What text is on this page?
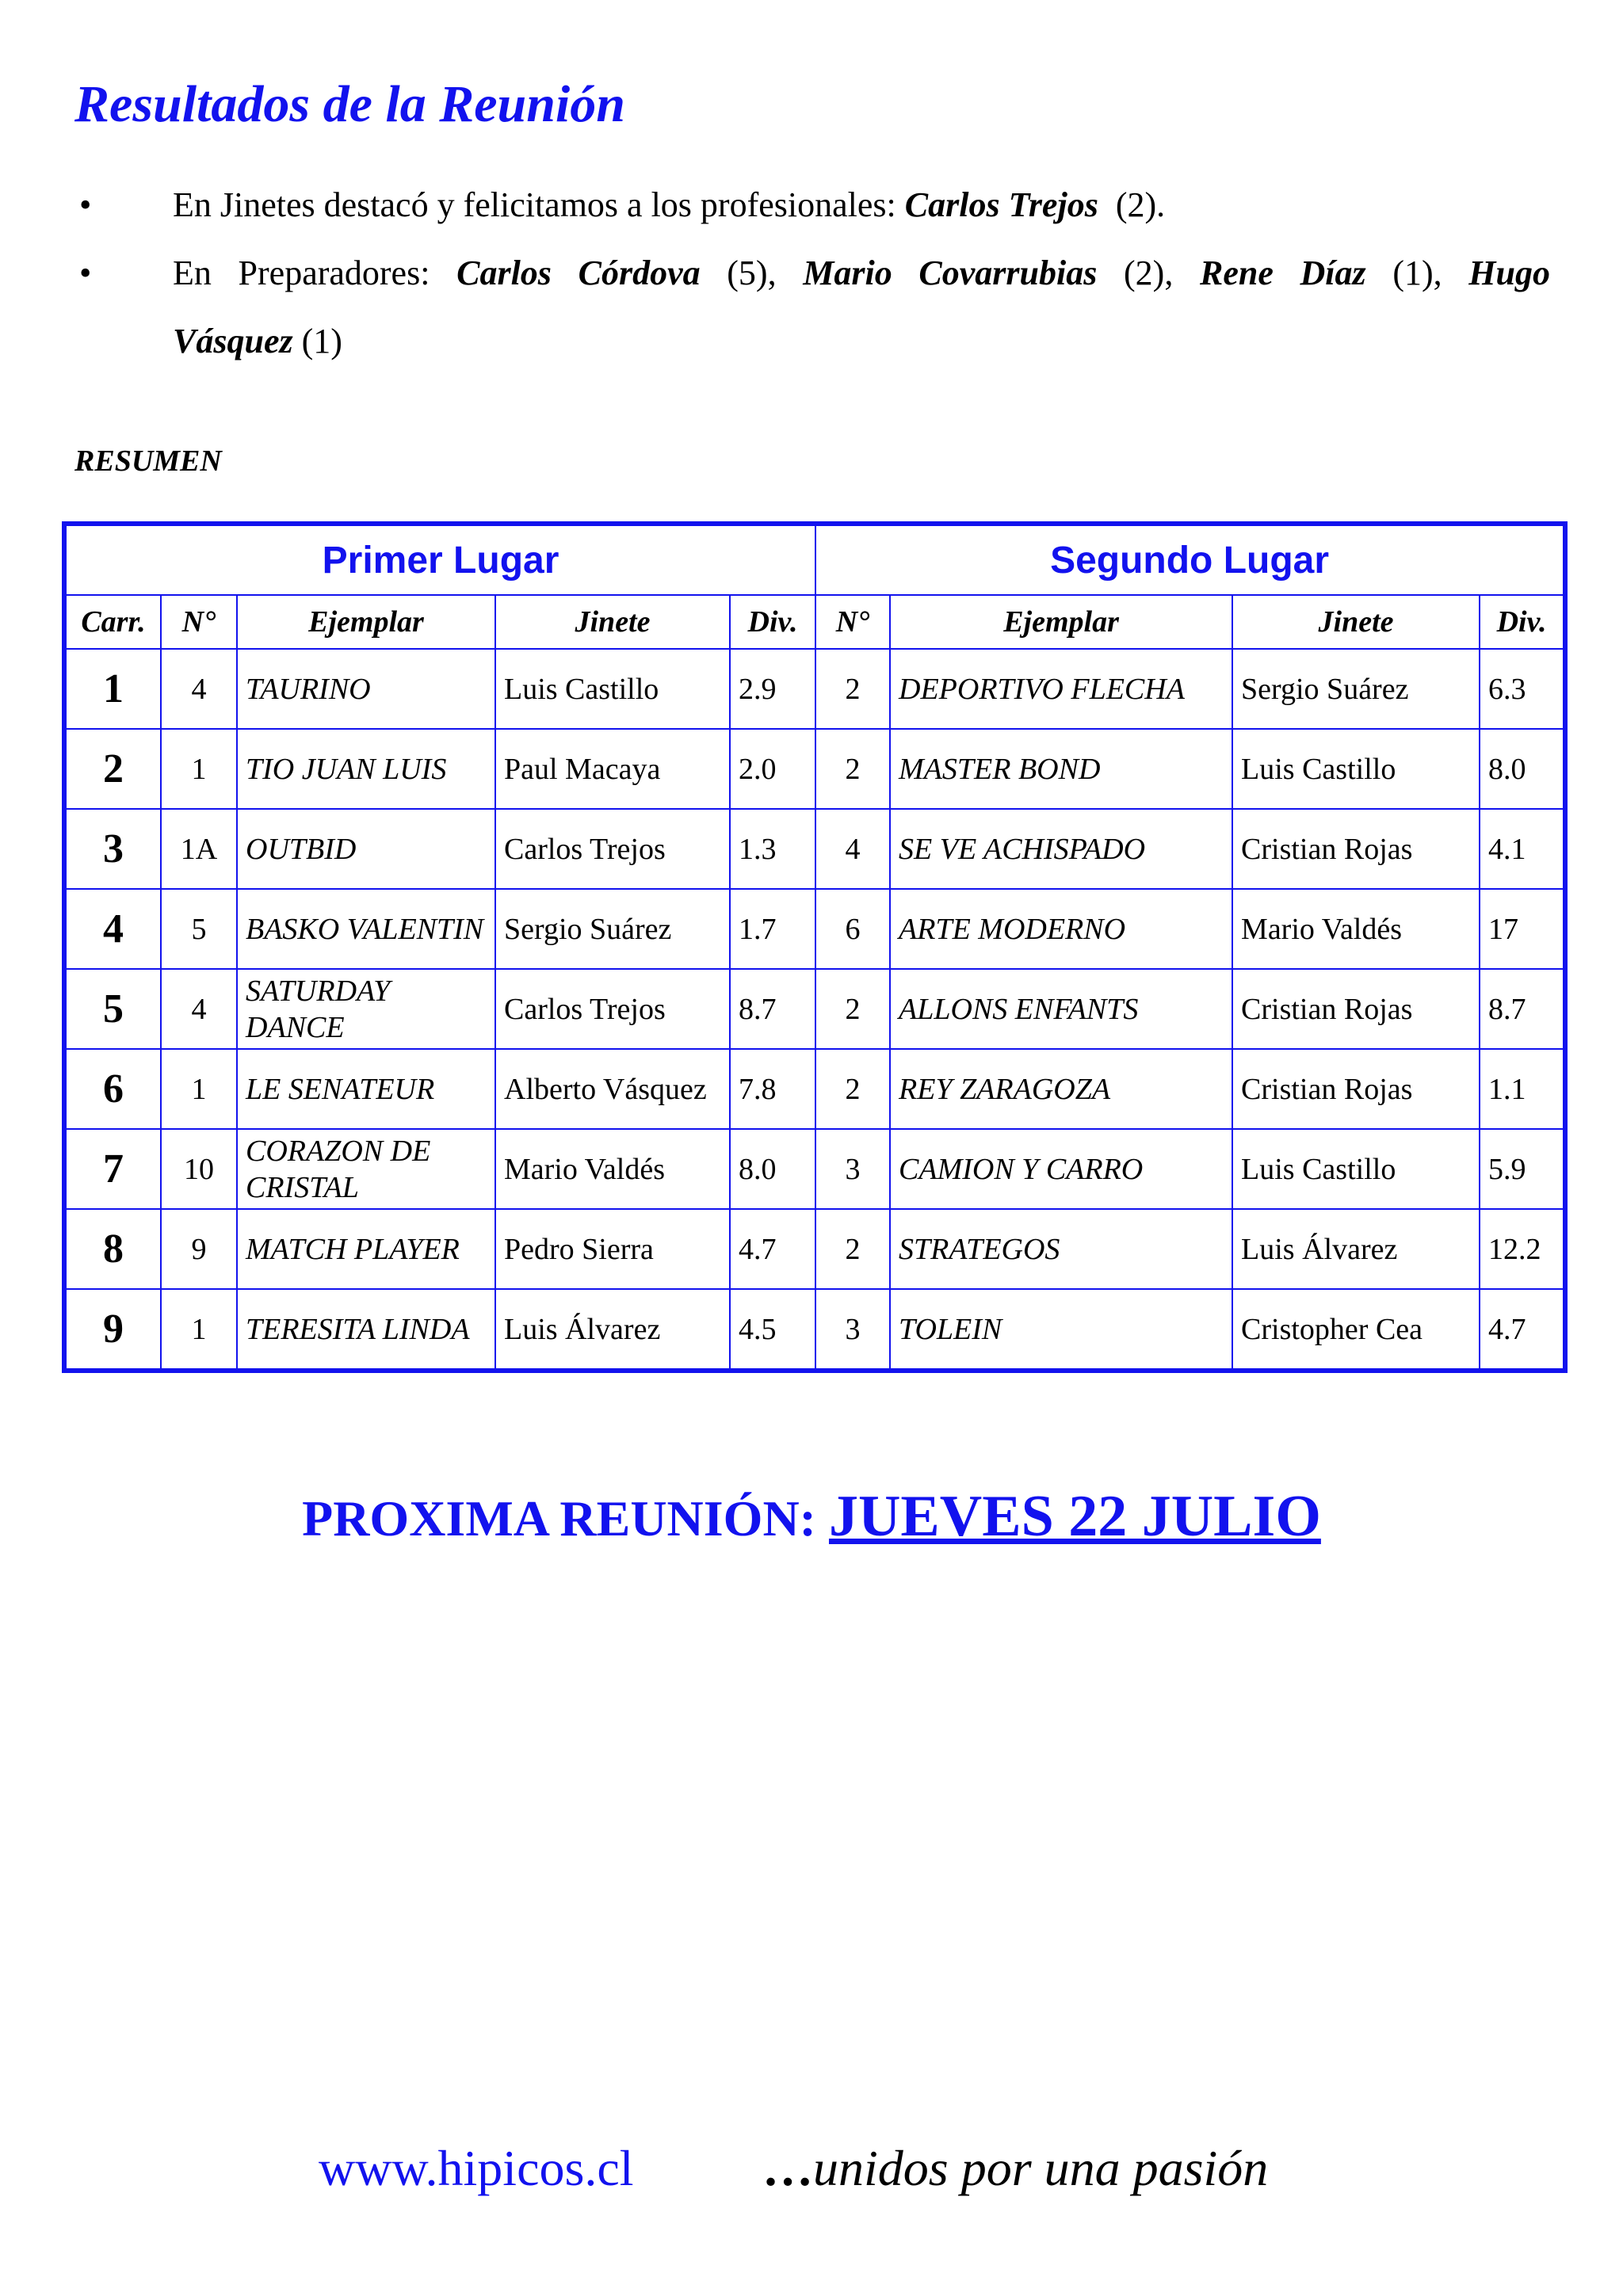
Resultados de la Reunión
• En Jinetes destacó y felicitamos a los profesionales: Carlos Trejos  (2).
• En Preparadores: Carlos Córdova (5), Mario Covarrubias (2), Rene Díaz (1), Hugo
Vásquez (1)
RESUMEN
Primer Lugar					Segundo Lugar			
Carr.	N°	Ejemplar	Jinete	Div.	N°	Ejemplar	Jinete	Div.
1	4	TAURINO	Luis Castillo	2.9	2	DEPORTIVO FLECHA	Sergio Suárez	6.3
2	1	TIO JUAN LUIS	Paul Macaya	2.0	2	MASTER BOND	Luis Castillo	8.0
3	1A	OUTBID	Carlos Trejos	1.3	4	SE VE ACHISPADO	Cristian Rojas	4.1
4	5	BASKO VALENTIN	Sergio Suárez	1.7	6	ARTE MODERNO	Mario Valdés	17
5	4	SATURDAY DANCE	Carlos Trejos	8.7	2	ALLONS ENFANTS	Cristian Rojas	8.7
6	1	LE SENATEUR	Alberto Vásquez	7.8	2	REY ZARAGOZA	Cristian Rojas	1.1
7	10	CORAZON DE CRISTAL	Mario Valdés	8.0	3	CAMION Y CARRO	Luis Castillo	5.9
8	9	MATCH PLAYER	Pedro Sierra	4.7	2	STRATEGOS	Luis Álvarez	12.2
9	1	TERESITA LINDA	Luis Álvarez	4.5	3	TOLEIN	Cristopher Cea	4.7
PROXIMA REUNIÓN: JUEVES 22 JULIO
www.hipicos.cl	…unidos por una pasión
